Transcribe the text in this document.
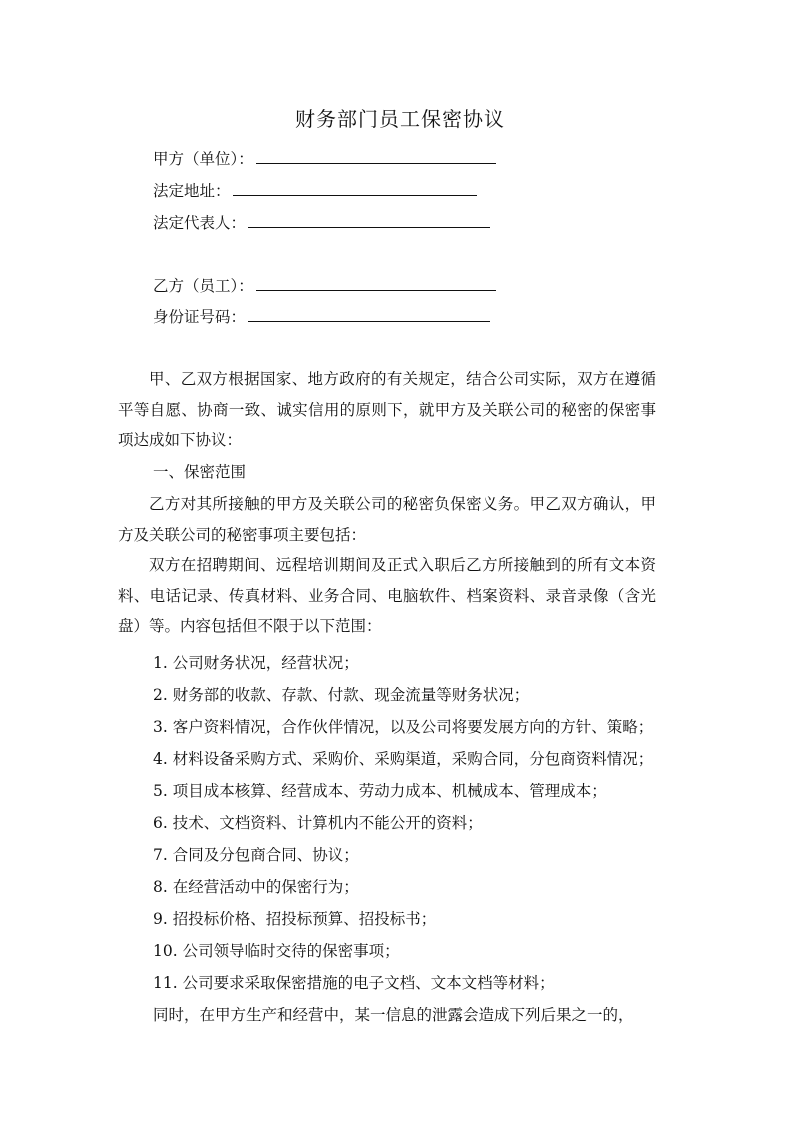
财务部门员工保密协议
甲方（单位）：
法定地址：
法定代表人：
乙方（员工）：
身份证号码：
甲、乙双方根据国家、地方政府的有关规定，结合公司实际，双方在遵循平等自愿、协商一致、诚实信用的原则下，就甲方及关联公司的秘密的保密事项达成如下协议：
一、保密范围
乙方对其所接触的甲方及关联公司的秘密负保密义务。甲乙双方确认，甲方及关联公司的秘密事项主要包括：
双方在招聘期间、远程培训期间及正式入职后乙方所接触到的所有文本资料、电话记录、传真材料、业务合同、电脑软件、档案资料、录音录像（含光盘）等。内容包括但不限于以下范围：
1. 公司财务状况，经营状况；
2. 财务部的收款、存款、付款、现金流量等财务状况；
3. 客户资料情况，合作伙伴情况，以及公司将要发展方向的方针、策略；
4. 材料设备采购方式、采购价、采购渠道，采购合同，分包商资料情况；
5. 项目成本核算、经营成本、劳动力成本、机械成本、管理成本；
6. 技术、文档资料、计算机内不能公开的资料；
7. 合同及分包商合同、协议；
8. 在经营活动中的保密行为；
9. 招投标价格、招投标预算、招投标书；
10. 公司领导临时交待的保密事项；
11. 公司要求采取保密措施的电子文档、文本文档等材料；
同时，在甲方生产和经营中，某一信息的泄露会造成下列后果之一的，
